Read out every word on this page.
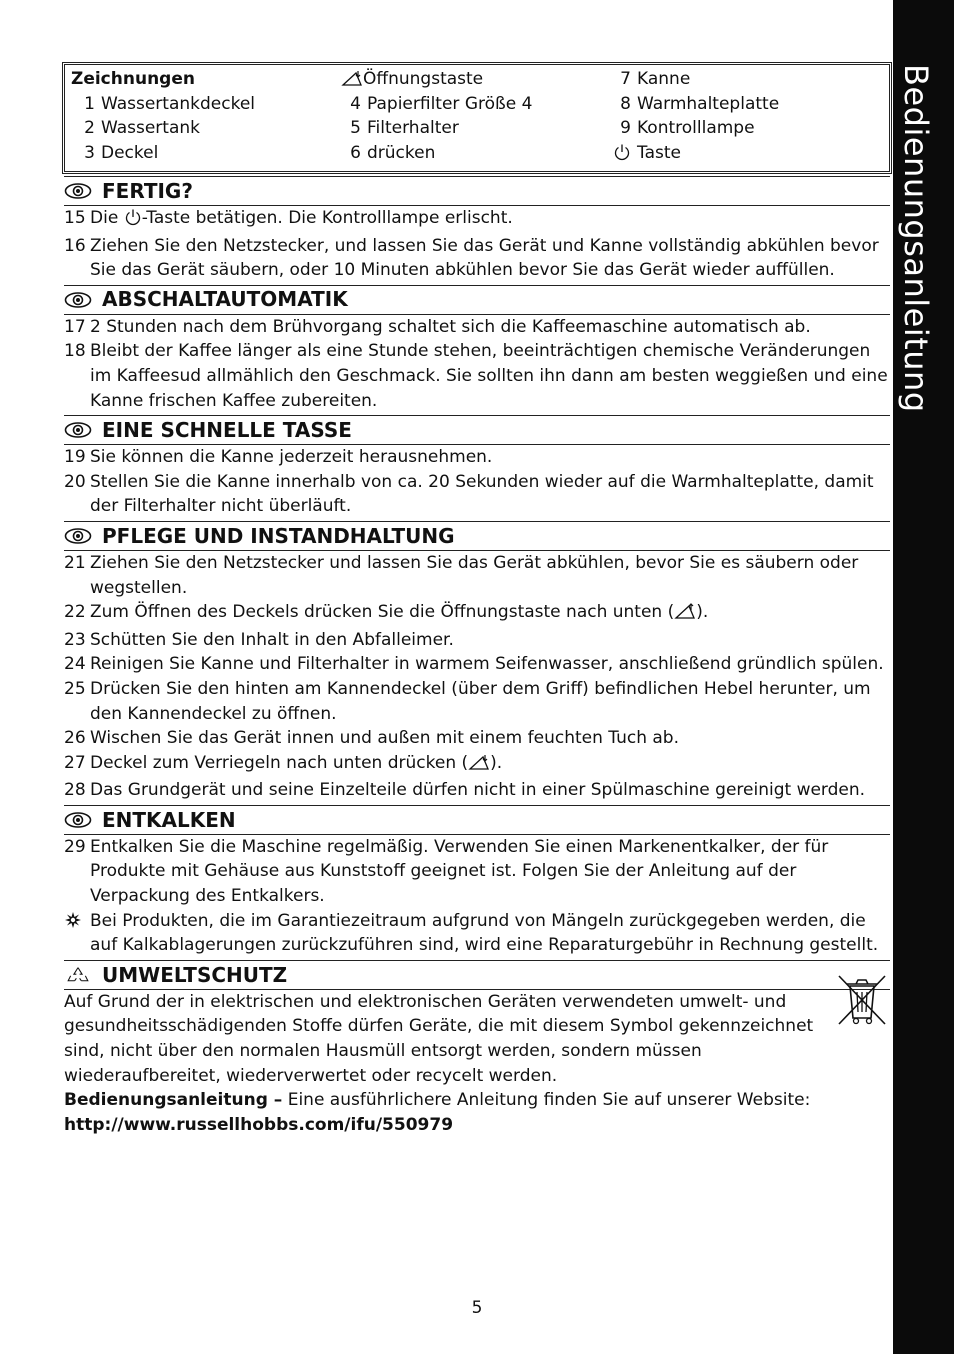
Bedienungsanleitung
Zeichnungen
1 Wassertankdeckel
2 Wassertank
3 Deckel
Öffnungstaste
4 Papierfilter Größe 4
5 Filterhalter
6 drücken
7 Kanne
8 Warmhalteplatte
9 Kontrolllampe
Taste
FERTIG?
15 Die -Taste betätigen. Die Kontrolllampe erlischt.
16 Ziehen Sie den Netzstecker, und lassen Sie das Gerät und Kanne vollständig abkühlen bevor Sie das Gerät säubern, oder 10 Minuten abkühlen bevor Sie das Gerät wieder auffüllen.
ABSCHALTAUTOMATIK
17 2 Stunden nach dem Brühvorgang schaltet sich die Kaffeemaschine automatisch ab.
18 Bleibt der Kaffee länger als eine Stunde stehen, beeinträchtigen chemische Veränderungen im Kaffeesud allmählich den Geschmack. Sie sollten ihn dann am besten weggießen und eine Kanne frischen Kaffee zubereiten.
EINE SCHNELLE TASSE
19 Sie können die Kanne jederzeit herausnehmen.
20 Stellen Sie die Kanne innerhalb von ca. 20 Sekunden wieder auf die Warmhalteplatte, damit der Filterhalter nicht überläuft.
PFLEGE UND INSTANDHALTUNG
21 Ziehen Sie den Netzstecker und lassen Sie das Gerät abkühlen, bevor Sie es säubern oder wegstellen.
22 Zum Öffnen des Deckels drücken Sie die Öffnungstaste nach unten ( ).
23 Schütten Sie den Inhalt in den Abfalleimer.
24 Reinigen Sie Kanne und Filterhalter in warmem Seifenwasser, anschließend gründlich spülen.
25 Drücken Sie den hinten am Kannendeckel (über dem Griff) befindlichen Hebel herunter, um den Kannendeckel zu öffnen.
26 Wischen Sie das Gerät innen und außen mit einem feuchten Tuch ab.
27 Deckel zum Verriegeln nach unten drücken ( ).
28 Das Grundgerät und seine Einzelteile dürfen nicht in einer Spülmaschine gereinigt werden.
ENTKALKEN
29 Entkalken Sie die Maschine regelmäßig. Verwenden Sie einen Markenentkalker, der für Produkte mit Gehäuse aus Kunststoff geeignet ist. Folgen Sie der Anleitung auf der Verpackung des Entkalkers.
Bei Produkten, die im Garantiezeitraum aufgrund von Mängeln zurückgegeben werden, die auf Kalkablagerungen zurückzuführen sind, wird eine Reparaturgebühr in Rechnung gestellt.
UMWELTSCHUTZ
Auf Grund der in elektrischen und elektronischen Geräten verwendeten umwelt- und gesundheitsschädigenden Stoffe dürfen Geräte, die mit diesem Symbol gekennzeichnet sind, nicht über den normalen Hausmüll entsorgt werden, sondern müssen wiederaufbereitet, wiederverwertet oder recycelt werden.
Bedienungsanleitung – Eine ausführlichere Anleitung finden Sie auf unserer Website:
http://www.russellhobbs.com/ifu/550979
5
